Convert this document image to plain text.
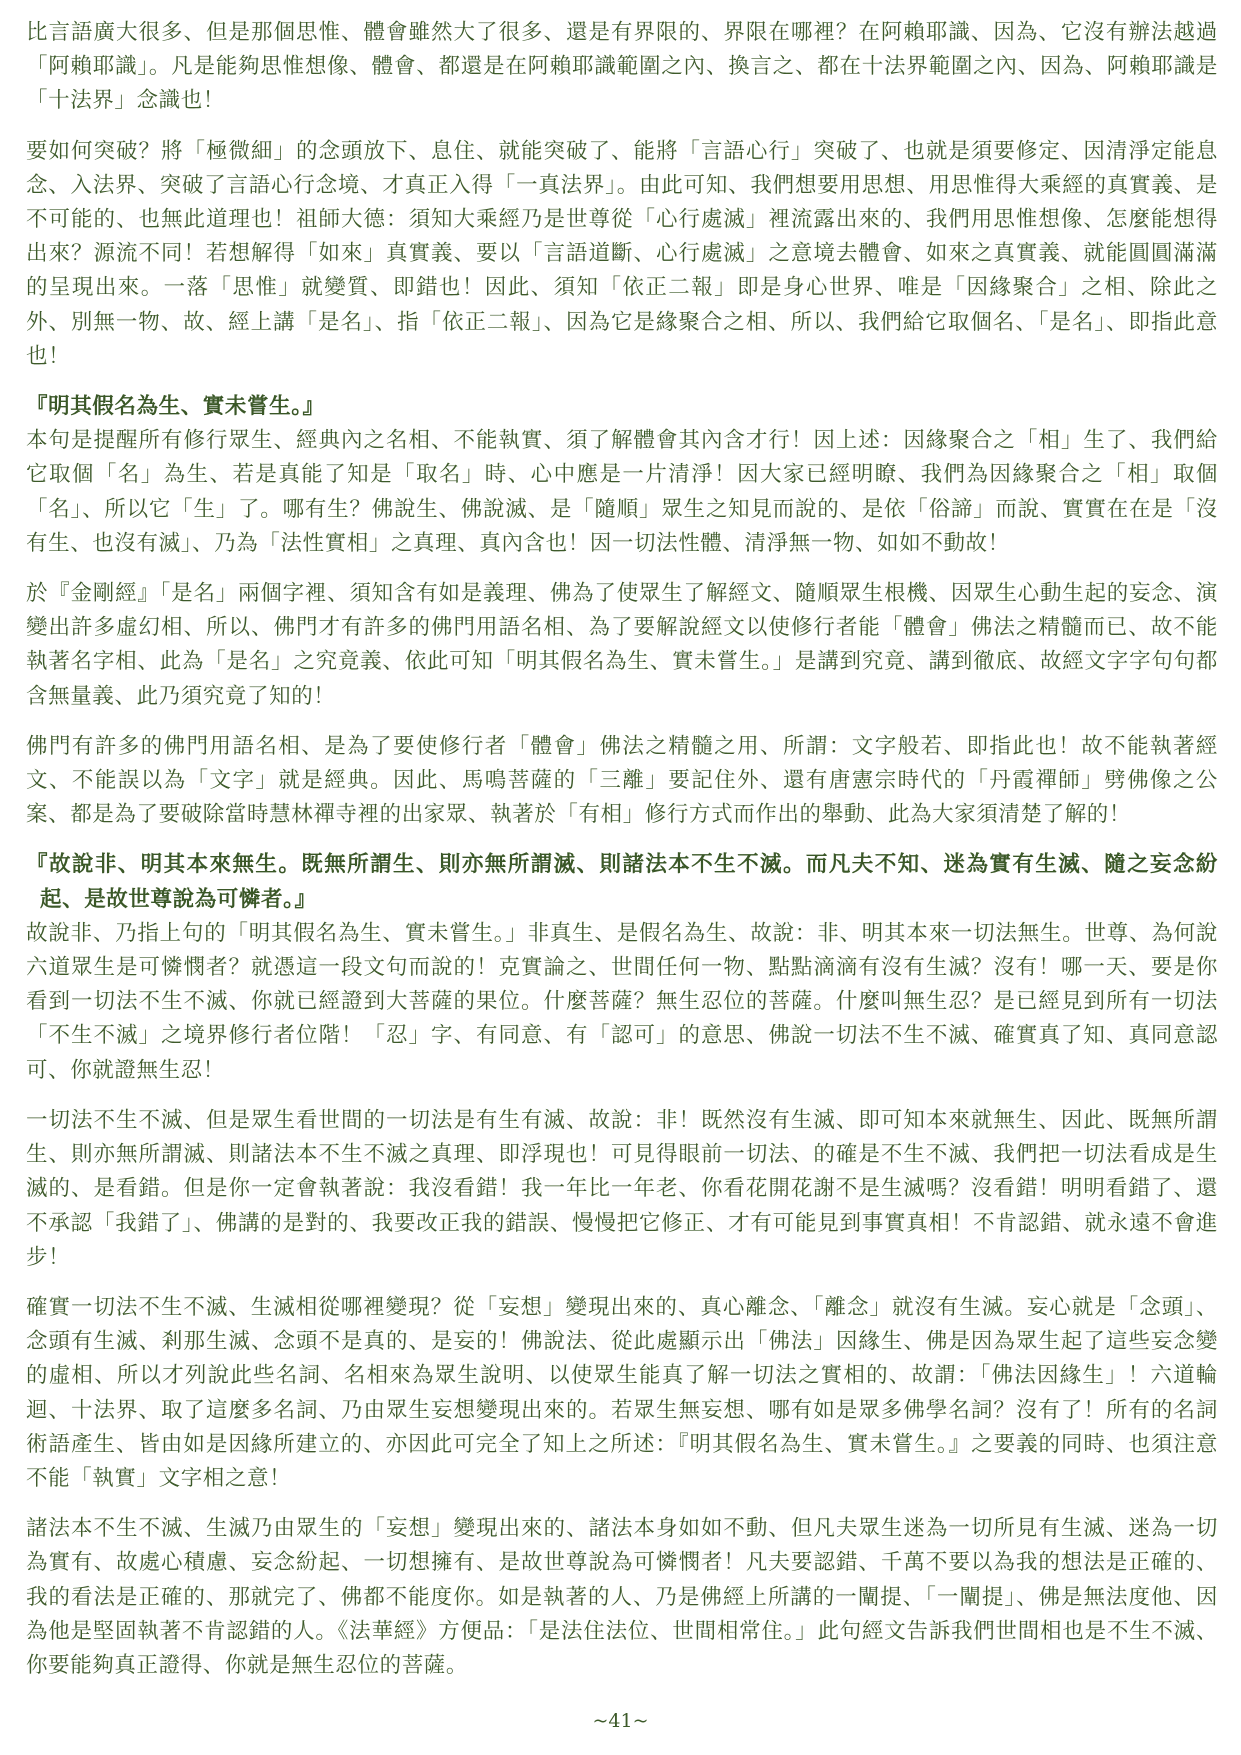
比言語廣大很多、但是那個思惟、體會雖然大了很多、還是有界限的、界限在哪裡？在阿賴耶識、因為、它沒有辦法越過「阿賴耶識」。凡是能夠思惟想像、體會、都還是在阿賴耶識範圍之內、換言之、都在十法界範圍之內、因為、阿賴耶識是「十法界」念識也！

要如何突破？將「極微細」的念頭放下、息住、就能突破了、能將「言語心行」突破了、也就是須要修定、因清淨定能息念、入法界、突破了言語心行念境、才真正入得「一真法界」。由此可知、我們想要用思想、用思惟得大乘經的真實義、是不可能的、也無此道理也！祖師大德：須知大乘經乃是世尊從「心行處滅」裡流露出來的、我們用思惟想像、怎麼能想得出來？源流不同！若想解得「如來」真實義、要以「言語道斷、心行處滅」之意境去體會、如來之真實義、就能圓圓滿滿的呈現出來。一落「思惟」就變質、即錯也！因此、須知「依正二報」即是身心世界、唯是「因緣聚合」之相、除此之外、別無一物、故、經上講「是名」、指「依正二報」、因為它是緣聚合之相、所以、我們給它取個名、「是名」、即指此意也！

『明其假名為生、實未嘗生。』

本句是提醒所有修行眾生、經典內之名相、不能執實、須了解體會其內含才行！因上述：因緣聚合之「相」生了、我們給它取個「名」為生、若是真能了知是「取名」時、心中應是一片清淨！因大家已經明瞭、我們為因緣聚合之「相」取個「名」、所以它「生」了。哪有生？佛說生、佛說滅、是「隨順」眾生之知見而說的、是依「俗諦」而說、實實在在是「沒有生、也沒有滅」、乃為「法性實相」之真理、真內含也！因一切法性體、清淨無一物、如如不動故！

於『金剛經』「是名」兩個字裡、須知含有如是義理、佛為了使眾生了解經文、隨順眾生根機、因眾生心動生起的妄念、演變出許多虛幻相、所以、佛門才有許多的佛門用語名相、為了要解說經文以使修行者能「體會」佛法之精髓而已、故不能執著名字相、此為「是名」之究竟義、依此可知「明其假名為生、實未嘗生。」是講到究竟、講到徹底、故經文字字句句都含無量義、此乃須究竟了知的！

佛門有許多的佛門用語名相、是為了要使修行者「體會」佛法之精髓之用、所謂：文字般若、即指此也！故不能執著經文、不能誤以為「文字」就是經典。因此、馬鳴菩薩的「三離」要記住外、還有唐憲宗時代的「丹霞禪師」劈佛像之公案、都是為了要破除當時慧林禪寺裡的出家眾、執著於「有相」修行方式而作出的舉動、此為大家須清楚了解的！

『故說非、明其本來無生。既無所謂生、則亦無所謂滅、則諸法本不生不滅。而凡夫不知、迷為實有生滅、隨之妄念紛起、是故世尊說為可憐者。』

故說非、乃指上句的「明其假名為生、實未嘗生。」非真生、是假名為生、故說：非、明其本來一切法無生。世尊、為何說六道眾生是可憐憫者？就憑這一段文句而說的！克實論之、世間任何一物、點點滴滴有沒有生滅？沒有！哪一天、要是你看到一切法不生不滅、你就已經證到大菩薩的果位。什麼菩薩？無生忍位的菩薩。什麼叫無生忍？是已經見到所有一切法「不生不滅」之境界修行者位階！「忍」字、有同意、有「認可」的意思、佛說一切法不生不滅、確實真了知、真同意認可、你就證無生忍！

一切法不生不滅、但是眾生看世間的一切法是有生有滅、故說：非！既然沒有生滅、即可知本來就無生、因此、既無所謂生、則亦無所謂滅、則諸法本不生不滅之真理、即浮現也！可見得眼前一切法、的確是不生不滅、我們把一切法看成是生滅的、是看錯。但是你一定會執著說：我沒看錯！我一年比一年老、你看花開花謝不是生滅嗎？沒看錯！明明看錯了、還不承認「我錯了」、佛講的是對的、我要改正我的錯誤、慢慢把它修正、才有可能見到事實真相！不肯認錯、就永遠不會進步！

確實一切法不生不滅、生滅相從哪裡變現？從「妄想」變現出來的、真心離念、「離念」就沒有生滅。妄心就是「念頭」、念頭有生滅、剎那生滅、念頭不是真的、是妄的！佛說法、從此處顯示出「佛法」因緣生、佛是因為眾生起了這些妄念變的虛相、所以才列說此些名詞、名相來為眾生說明、以使眾生能真了解一切法之實相的、故謂：「佛法因緣生」！六道輪迴、十法界、取了這麼多名詞、乃由眾生妄想變現出來的。若眾生無妄想、哪有如是眾多佛學名詞？沒有了！所有的名詞術語產生、皆由如是因緣所建立的、亦因此可完全了知上之所述：『明其假名為生、實未嘗生。』之要義的同時、也須注意不能「執實」文字相之意！

諸法本不生不滅、生滅乃由眾生的「妄想」變現出來的、諸法本身如如不動、但凡夫眾生迷為一切所見有生滅、迷為一切為實有、故處心積慮、妄念紛起、一切想擁有、是故世尊說為可憐憫者！凡夫要認錯、千萬不要以為我的想法是正確的、我的看法是正確的、那就完了、佛都不能度你。如是執著的人、乃是佛經上所講的一闡提、「一闡提」、佛是無法度他、因為他是堅固執著不肯認錯的人。《法華經》方便品：「是法住法位、世間相常住。」此句經文告訴我們世間相也是不生不滅、你要能夠真正證得、你就是無生忍位的菩薩。

~41~
